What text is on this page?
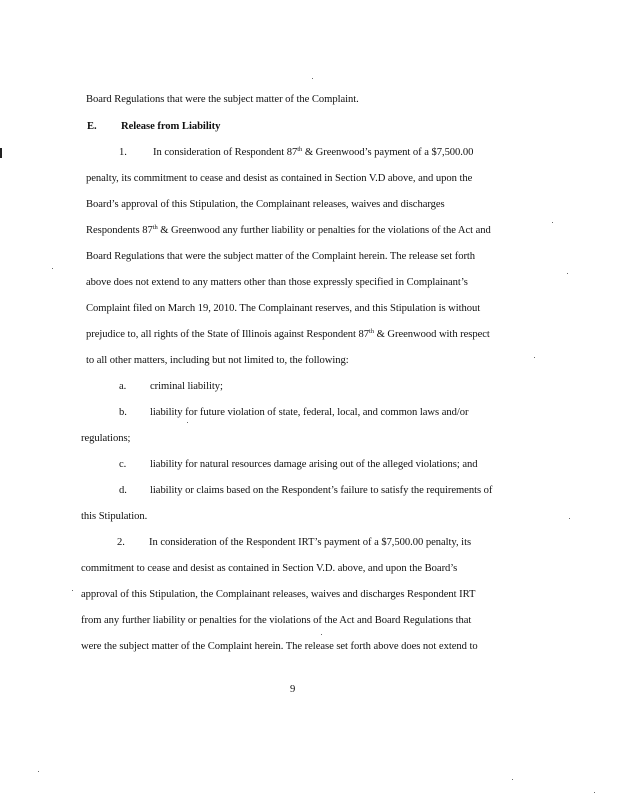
Board Regulations that were the subject matter of the Complaint.
E. Release from Liability
1. In consideration of Respondent 87th & Greenwood’s payment of a $7,500.00
penalty, its commitment to cease and desist as contained in Section V.D above, and upon the
Board’s approval of this Stipulation, the Complainant releases, waives and discharges
Respondents 87th & Greenwood any further liability or penalties for the violations of the Act and
Board Regulations that were the subject matter of the Complaint herein. The release set forth
above does not extend to any matters other than those expressly specified in Complainant’s
Complaint filed on March 19, 2010. The Complainant reserves, and this Stipulation is without
prejudice to, all rights of the State of Illinois against Respondent 87th & Greenwood with respect
to all other matters, including but not limited to, the following:
a. criminal liability;
b. liability for future violation of state, federal, local, and common laws and/or
regulations;
c. liability for natural resources damage arising out of the alleged violations; and
d. liability or claims based on the Respondent’s failure to satisfy the requirements of
this Stipulation.
2. In consideration of the Respondent IRT’s payment of a $7,500.00 penalty, its
commitment to cease and desist as contained in Section V.D. above, and upon the Board’s
approval of this Stipulation, the Complainant releases, waives and discharges Respondent IRT
from any further liability or penalties for the violations of the Act and Board Regulations that
were the subject matter of the Complaint herein. The release set forth above does not extend to
9
